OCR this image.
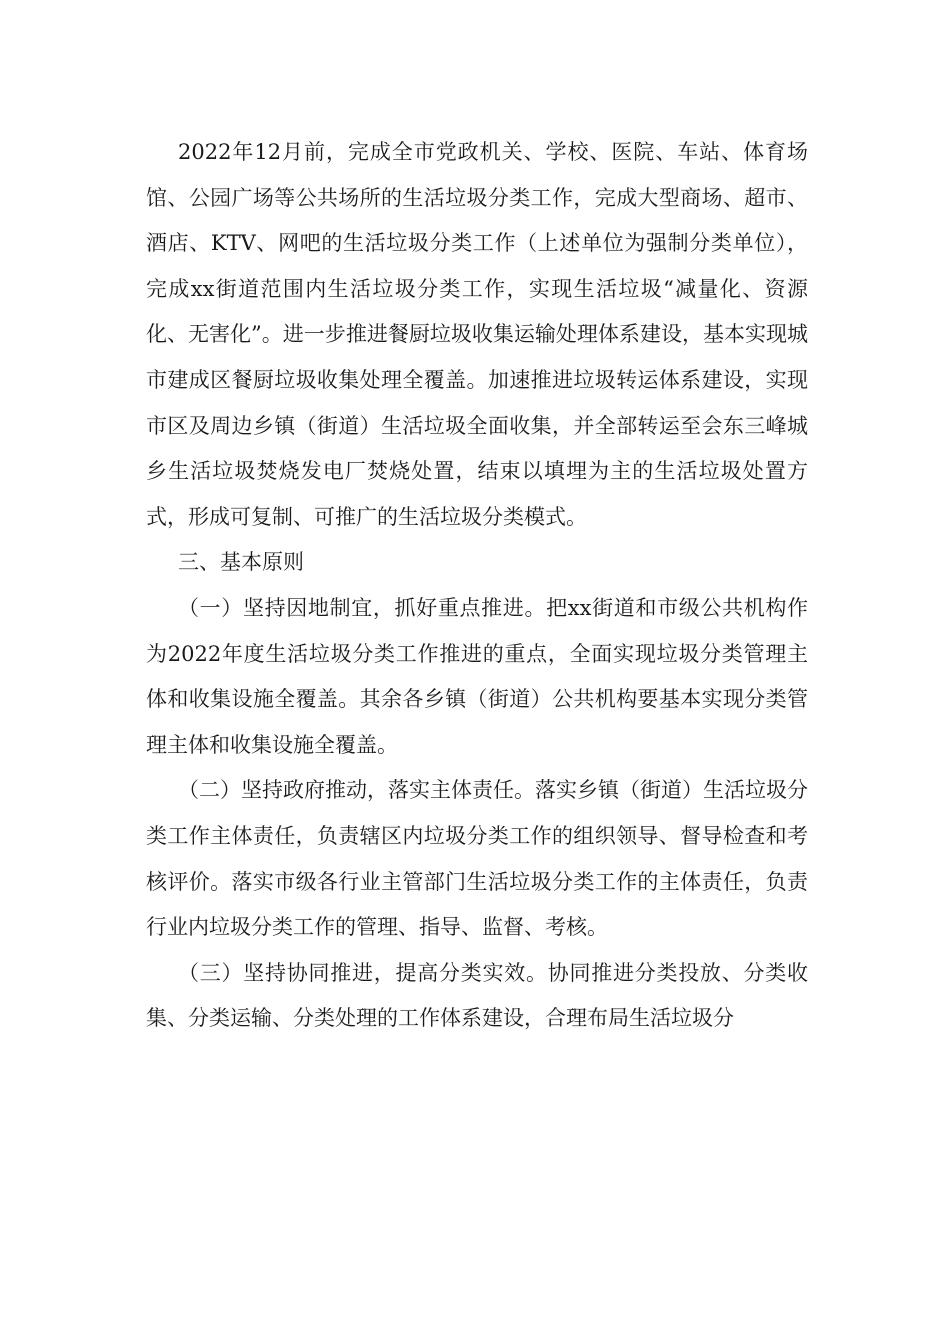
2022年12月前，完成全市党政机关、学校、医院、车站、体育场馆、公园广场等公共场所的生活垃圾分类工作，完成大型商场、超市、酒店、KTV、网吧的生活垃圾分类工作（上述单位为强制分类单位），完成xx街道范围内生活垃圾分类工作，实现生活垃圾“减量化、资源化、无害化”。进一步推进餐厨垃圾收集运输处理体系建设，基本实现城市建成区餐厨垃圾收集处理全覆盖。加速推进垃圾转运体系建设，实现市区及周边乡镇（街道）生活垃圾全面收集，并全部转运至会东三峰城乡生活垃圾焚烧发电厂焚烧处置，结束以填埋为主的生活垃圾处置方式，形成可复制、可推广的生活垃圾分类模式。

三、基本原则

（一）坚持因地制宜，抓好重点推进。把xx街道和市级公共机构作为2022年度生活垃圾分类工作推进的重点，全面实现垃圾分类管理主体和收集设施全覆盖。其余各乡镇（街道）公共机构要基本实现分类管理主体和收集设施全覆盖。

（二）坚持政府推动，落实主体责任。落实乡镇（街道）生活垃圾分类工作主体责任，负责辖区内垃圾分类工作的组织领导、督导检查和考核评价。落实市级各行业主管部门生活垃圾分类工作的主体责任，负责行业内垃圾分类工作的管理、指导、监督、考核。

（三）坚持协同推进，提高分类实效。协同推进分类投放、分类收集、分类运输、分类处理的工作体系建设，合理布局生活垃圾分
